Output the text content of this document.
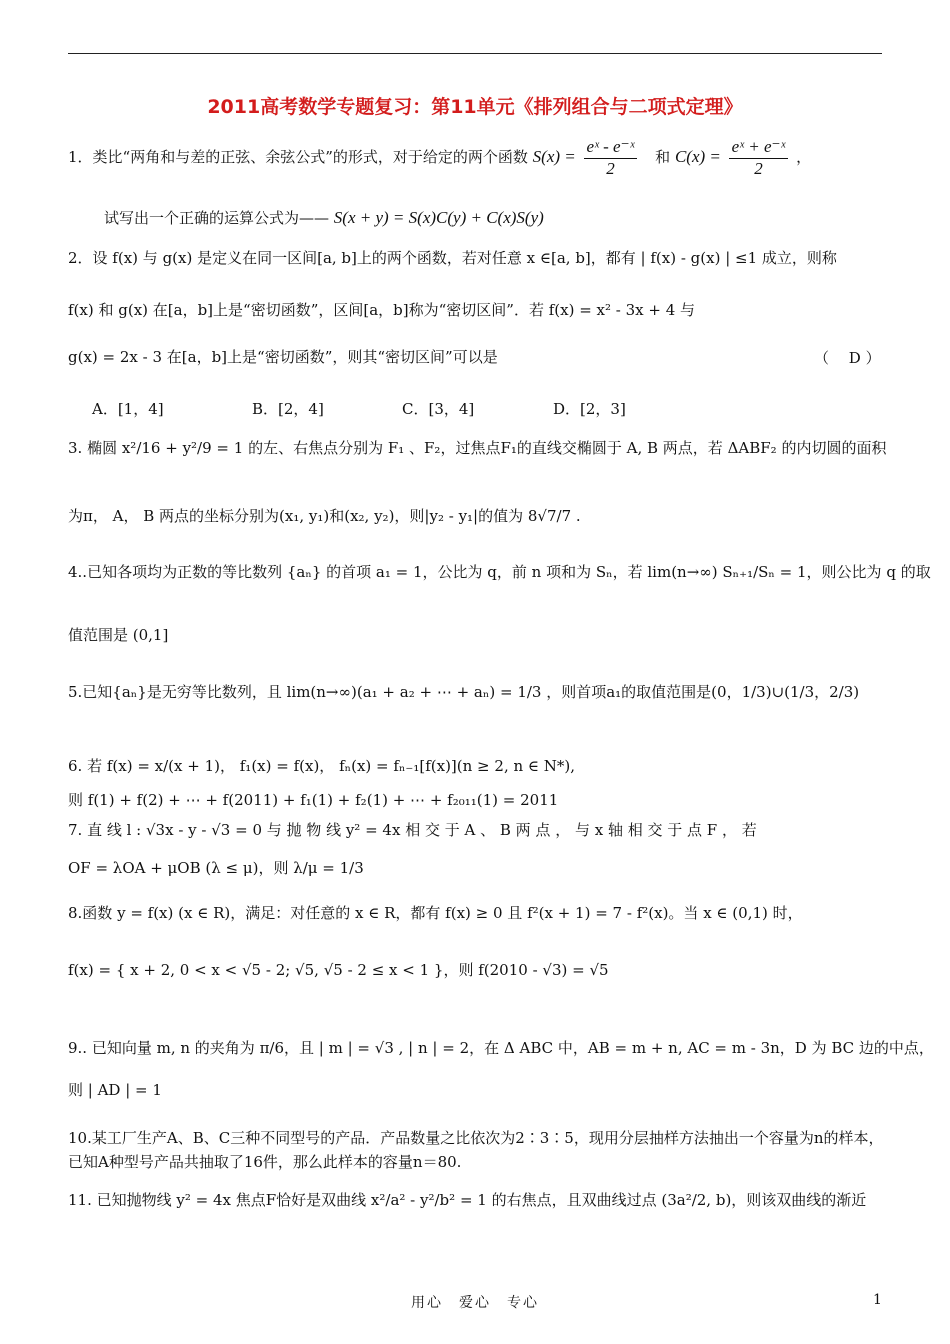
2011高考数学专题复习：第11单元《排列组合与二项式定理》
1．类比“两角和与差的正弦、余弦公式”的形式，对于给定的两个函数 $S(x) = \frac{\text{eˣ - e⁻ˣ}}{2}$ 和 $C(x) = \frac{\text{eˣ + e⁻ˣ}}{2}$ ，
试写出一个正确的运算公式为—— S(x + y) = S(x)C(y) + C(x)S(y)
2．设 f(x) 与 g(x) 是定义在同一区间[a, b]上的两个函数，若对任意 x ∈[a, b]，都有 | f(x) - g(x) | ≤1 成立，则称
f(x) 和 g(x) 在[a，b]上是“密切函数”，区间[a，b]称为“密切区间”．若 f(x) = x² - 3x + 4 与
g(x) = 2x - 3 在[a，b]上是“密切函数”，则其“密切区间”可以是	（　 D ）
A．[1，4]	B．[2，4]	C．[3，4]	D．[2，3]
3. 椭圆 x²/16 + y²/9 = 1 的左、右焦点分别为 F₁ 、F₂，过焦点F₁的直线交椭圆于 A, B 两点，若 ΔABF₂ 的内切圆的面积
为π， A， B 两点的坐标分别为(x₁, y₁)和(x₂, y₂)，则|y₂ - y₁|的值为 8√7/7 .
4..已知各项均为正数的等比数列 {aₙ} 的首项 a₁ = 1，公比为 q，前 n 项和为 Sₙ，若 lim(n→∞) Sₙ₊₁/Sₙ = 1，则公比为 q 的取
值范围是 (0,1]
5.已知{aₙ}是无穷等比数列，且 lim(n→∞)(a₁ + a₂ + ⋯ + aₙ) = 1/3 ，则首项a₁的取值范围是(0，1/3)∪(1/3，2/3)
6. 若 f(x) = x/(x + 1)， f₁(x) = f(x)， fₙ(x) = fₙ₋₁[f(x)](n ≥ 2, n ∈ N*),
则 f(1) + f(2) + ⋯ + f(2011) + f₁(1) + f₂(1) + ⋯ + f₂₀₁₁(1) = 2011
7. 直 线 l : √3x - y - √3 = 0 与 抛 物 线 y² = 4x 相 交 于 A 、 B 两 点 ， 与 x 轴 相 交 于 点 F ， 若
OF = λOA + μOB (λ ≤ μ)，则 λ/μ = 1/3
8.函数 y = f(x) (x ∈ R)，满足：对任意的 x ∈ R，都有 f(x) ≥ 0 且 f²(x + 1) = 7 - f²(x)。当 x ∈ (0,1) 时，
f(x) = { x + 2, 0 < x < √5 - 2; √5, √5 - 2 ≤ x < 1 }，则 f(2010 - √3) = √5
9.. 已知向量 m, n 的夹角为 π/6，且 | m | = √3 , | n | = 2，在 Δ ABC 中，AB = m + n, AC = m - 3n，D 为 BC 边的中点，
则 | AD | = 1
10.某工厂生产A、B、C三种不同型号的产品．产品数量之比依次为2∶3∶5，现用分层抽样方法抽出一个容量为n的样本，已知A种型号产品共抽取了16件，那么此样本的容量n＝80.
11. 已知抛物线 y² = 4x 焦点F恰好是双曲线 x²/a² - y²/b² = 1 的右焦点，且双曲线过点 (3a²/2, b)，则该双曲线的渐近
用心　爱心　专心	1
